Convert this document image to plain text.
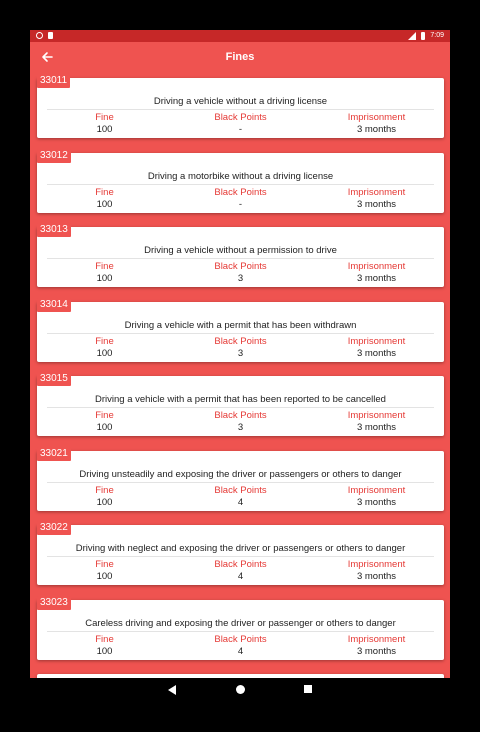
7:09
Fines
33011
Driving a vehicle without a driving license
Fine
100
Black Points
-
Imprisonment
3 months
33012
Driving a motorbike without a driving license
Fine
100
Black Points
-
Imprisonment
3 months
33013
Driving a vehicle without a permission to drive
Fine
100
Black Points
3
Imprisonment
3 months
33014
Driving a vehicle with a permit that has been withdrawn
Fine
100
Black Points
3
Imprisonment
3 months
33015
Driving a vehicle with a permit that has been reported to be cancelled
Fine
100
Black Points
3
Imprisonment
3 months
33021
Driving unsteadily and exposing the driver or passengers or others to danger
Fine
100
Black Points
4
Imprisonment
3 months
33022
Driving with neglect and exposing the driver or passengers or others to danger
Fine
100
Black Points
4
Imprisonment
3 months
33023
Careless driving and exposing the driver or passenger or others to danger
Fine
100
Black Points
4
Imprisonment
3 months
